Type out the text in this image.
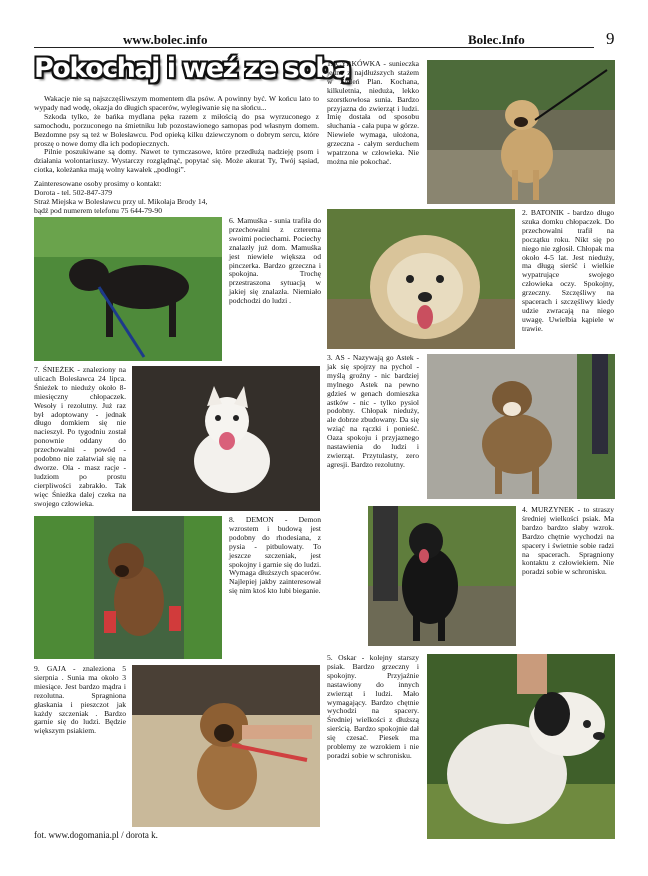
www.bolec.info	Bolec.Info	9
Pokochaj i weź ze sobą

Wakacje nie są najszczęśliwszym momentem dla psów. A powinny być. W końcu lato to wypady nad wodę, okazja do długich spacerów, wylegiwanie się na słońcu...

Szkoda tylko, że bańka mydlana pęka razem z miłością do psa wyrzuconego z samochodu, porzuconego na śmietniku lub pozostawionego samopas pod własnym domem. Bezdomne psy są też w Bolesławcu. Pod opieką kilku dziewczynom o dobrym sercu, które proszę o nowe domy dla ich podopiecznych.

Pilnie poszukiwane są domy. Nawet te tymczasowe, które przedłużą nadzieję psom i działania wolontariuszy. Wystarczy rozglądnąć, popytać się. Może akurat Ty, Twój sąsiad, ciotka, koleżanka mają wolny kawałek „podłogi”.

Zainteresowane osoby prosimy o kontakt:
Dorota - tel. 502-847-379
Straż Miejska w Bolesławcu przy ul. Mikołaja Brody 14,
bądź pod numerem telefonu 75 644-79-90
1. CYRKÓWKA - sunieczka jedna z najdłuższych stażem w Zieleń Plan. Kochana, kilkuletnia, nieduża, lekko szorstkowłosa sunia. Bardzo przyjazna do zwierząt i ludzi. Imię dostała od sposobu słuchania - cała pupa w górze. Niewiele wymaga, ułożona, grzeczna - całym serduchem wpatrzona w człowieka. Nie można nie pokochać.
2. BATONIK - bardzo długo szuka domku chłopaczek. Do przechowalni trafił na początku roku. Nikt się po niego nie zgłosił. Chłopak ma około 4-5 lat. Jest nieduży, ma długą sierść i wielkie wypatrujące swojego człowieka oczy. Spokojny, grzeczny. Szczęśliwy na spacerach i szczęśliwy kiedy udzie zwracają na niego uwagę. Uwielbia kąpiele w trawie.
3. AS - Nazywają go Astek - jak się spojrzy na pychol - myślą groźny - nic bardziej mylnego Astek na pewno gdzieś w genach domieszka astków - nic - tylko pysiol podobny. Chłopak nieduży, ale dobrze zbudowany. Da się wziąć na rączki i ponieść. Oaza spokoju i przyjaznego nastawienia do ludzi i zwierząt. Przytulasty, zero agresji. Bardzo rezolutny.
4. MURZYNEK - to straszy średniej wielkości psiak. Ma bardzo bardzo słaby wzrok. Bardzo chętnie wychodzi na spacery i świetnie sobie radzi na spacerach. Spragniony kontaktu z człowiekiem. Nie poradzi sobie w schronisku.
5. Oskar - kolejny starszy psiak. Bardzo grzeczny i spokojny. Przyjaźnie nastawiony do innych zwierząt i ludzi. Mało wymagający. Bardzo chętnie wychodzi na spacery. Średniej wielkości z dłuższą sierścią. Bardzo spokojnie dał się czesać. Piesek ma problemy ze wzrokiem i nie poradzi sobie w schronisku.
6. Mamuśka - sunia trafiła do przechowalni z czterema swoimi pociechami. Pociechy znalazły już dom. Mamuśka jest niewiele większa od pinczerka. Bardzo grzeczna i spokojna. Trochę przestraszona sytuacją w jakiej się znalazła. Niemiało podchodzi do ludzi .
7. ŚNIEŻEK - znaleziony na ulicach Bolesławca 24 lipca. Śnieżek to nieduży około 8-miesięczny chłopaczek. Wesoły i rezolutny. Już raz był adoptowany - jednak długo domkiem się nie nacieszył. Po tygodniu został ponownie oddany do przechowalni - powód - podobno nie załatwiał się na dworze. Ola - masz racje - ludziom po prostu cierpliwości zabrakło. Tak więc Śnieżka dalej czeka na swojego człowieka.
8. DEMON - Demon wzrostem i budową jest podobny do rhodesiana, z pysia - pitbulowaty. To jeszcze szczeniak, jest spokojny i garnie się do ludzi. Wymaga dłuższych spacerów. Najlepiej jakby zainteresował się nim ktoś kto lubi bieganie.
9. GAJA - znaleziona 5 sierpnia . Sunia ma około 3 miesiące. Jest bardzo mądra i rezolutna. Spragniona głaskania i pieszczot jak każdy szczeniak . Bardzo garnie się do ludzi. Będzie większym psiakiem.
fot. www.dogomania.pl / dorota k.
